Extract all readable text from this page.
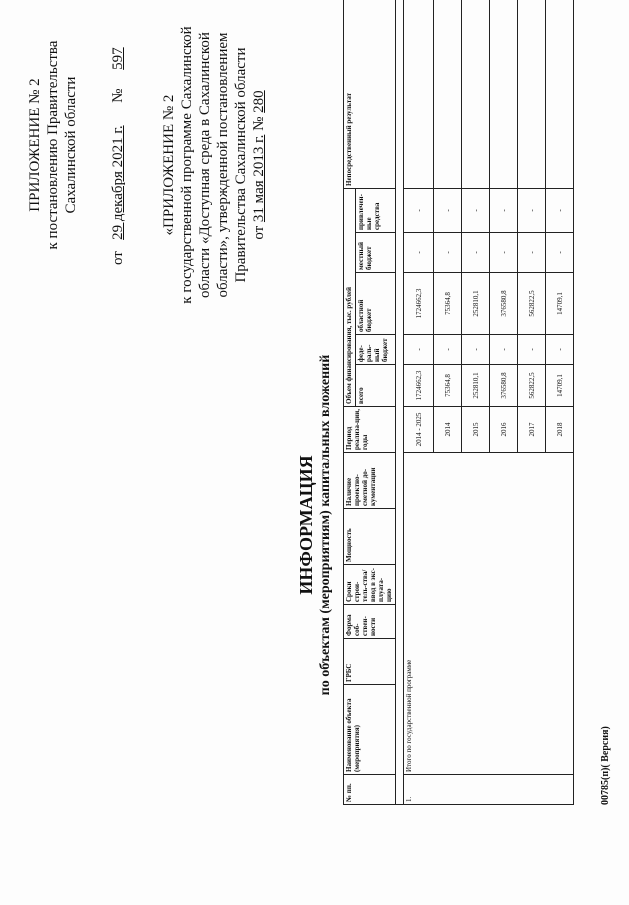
ПРИЛОЖЕНИЕ № 2 к постановлению Правительства Сахалинской области
от   29 декабря 2021 г.      №     597
«ПРИЛОЖЕНИЕ № 2 к государственной программе Сахалинской области «Доступная среда в Сахалинской области», утвержденной постановлением Правительства Сахалинской области от 31 мая 2013 г. № 280
ИНФОРМАЦИЯ по объектам (мероприятиям) капитальных вложений
№ пп.	Наименование объекта (мероприятия)	ГРБС	Форма соб-ствен-ности	Сроки строи-тель-ства/ввод в экс-плуата-цию	Мощность	Наличие проектно-сметной до-кументации	Период реализа-ции, годы	Объем финансирования, тыс. рублей					Непосредственный результат
								всего	феде-раль-ный бюджет	областной бюджет	местный бюджет	привлечен-ные средства	

1.	Итого по государственной программе						2014 - 2025	1724662,3	-	1724662,3	-	-	
							2014	75364,8	-	75364,8	-	-	
							2015	252810,1	-	252810,1	-	-	
							2016	376580,8	-	376580,8	-	-	
							2017	562822,5	-	562822,5	-	-	
							2018	14709,1	-	14709,1	-	-	
00785(п)( Версия)
